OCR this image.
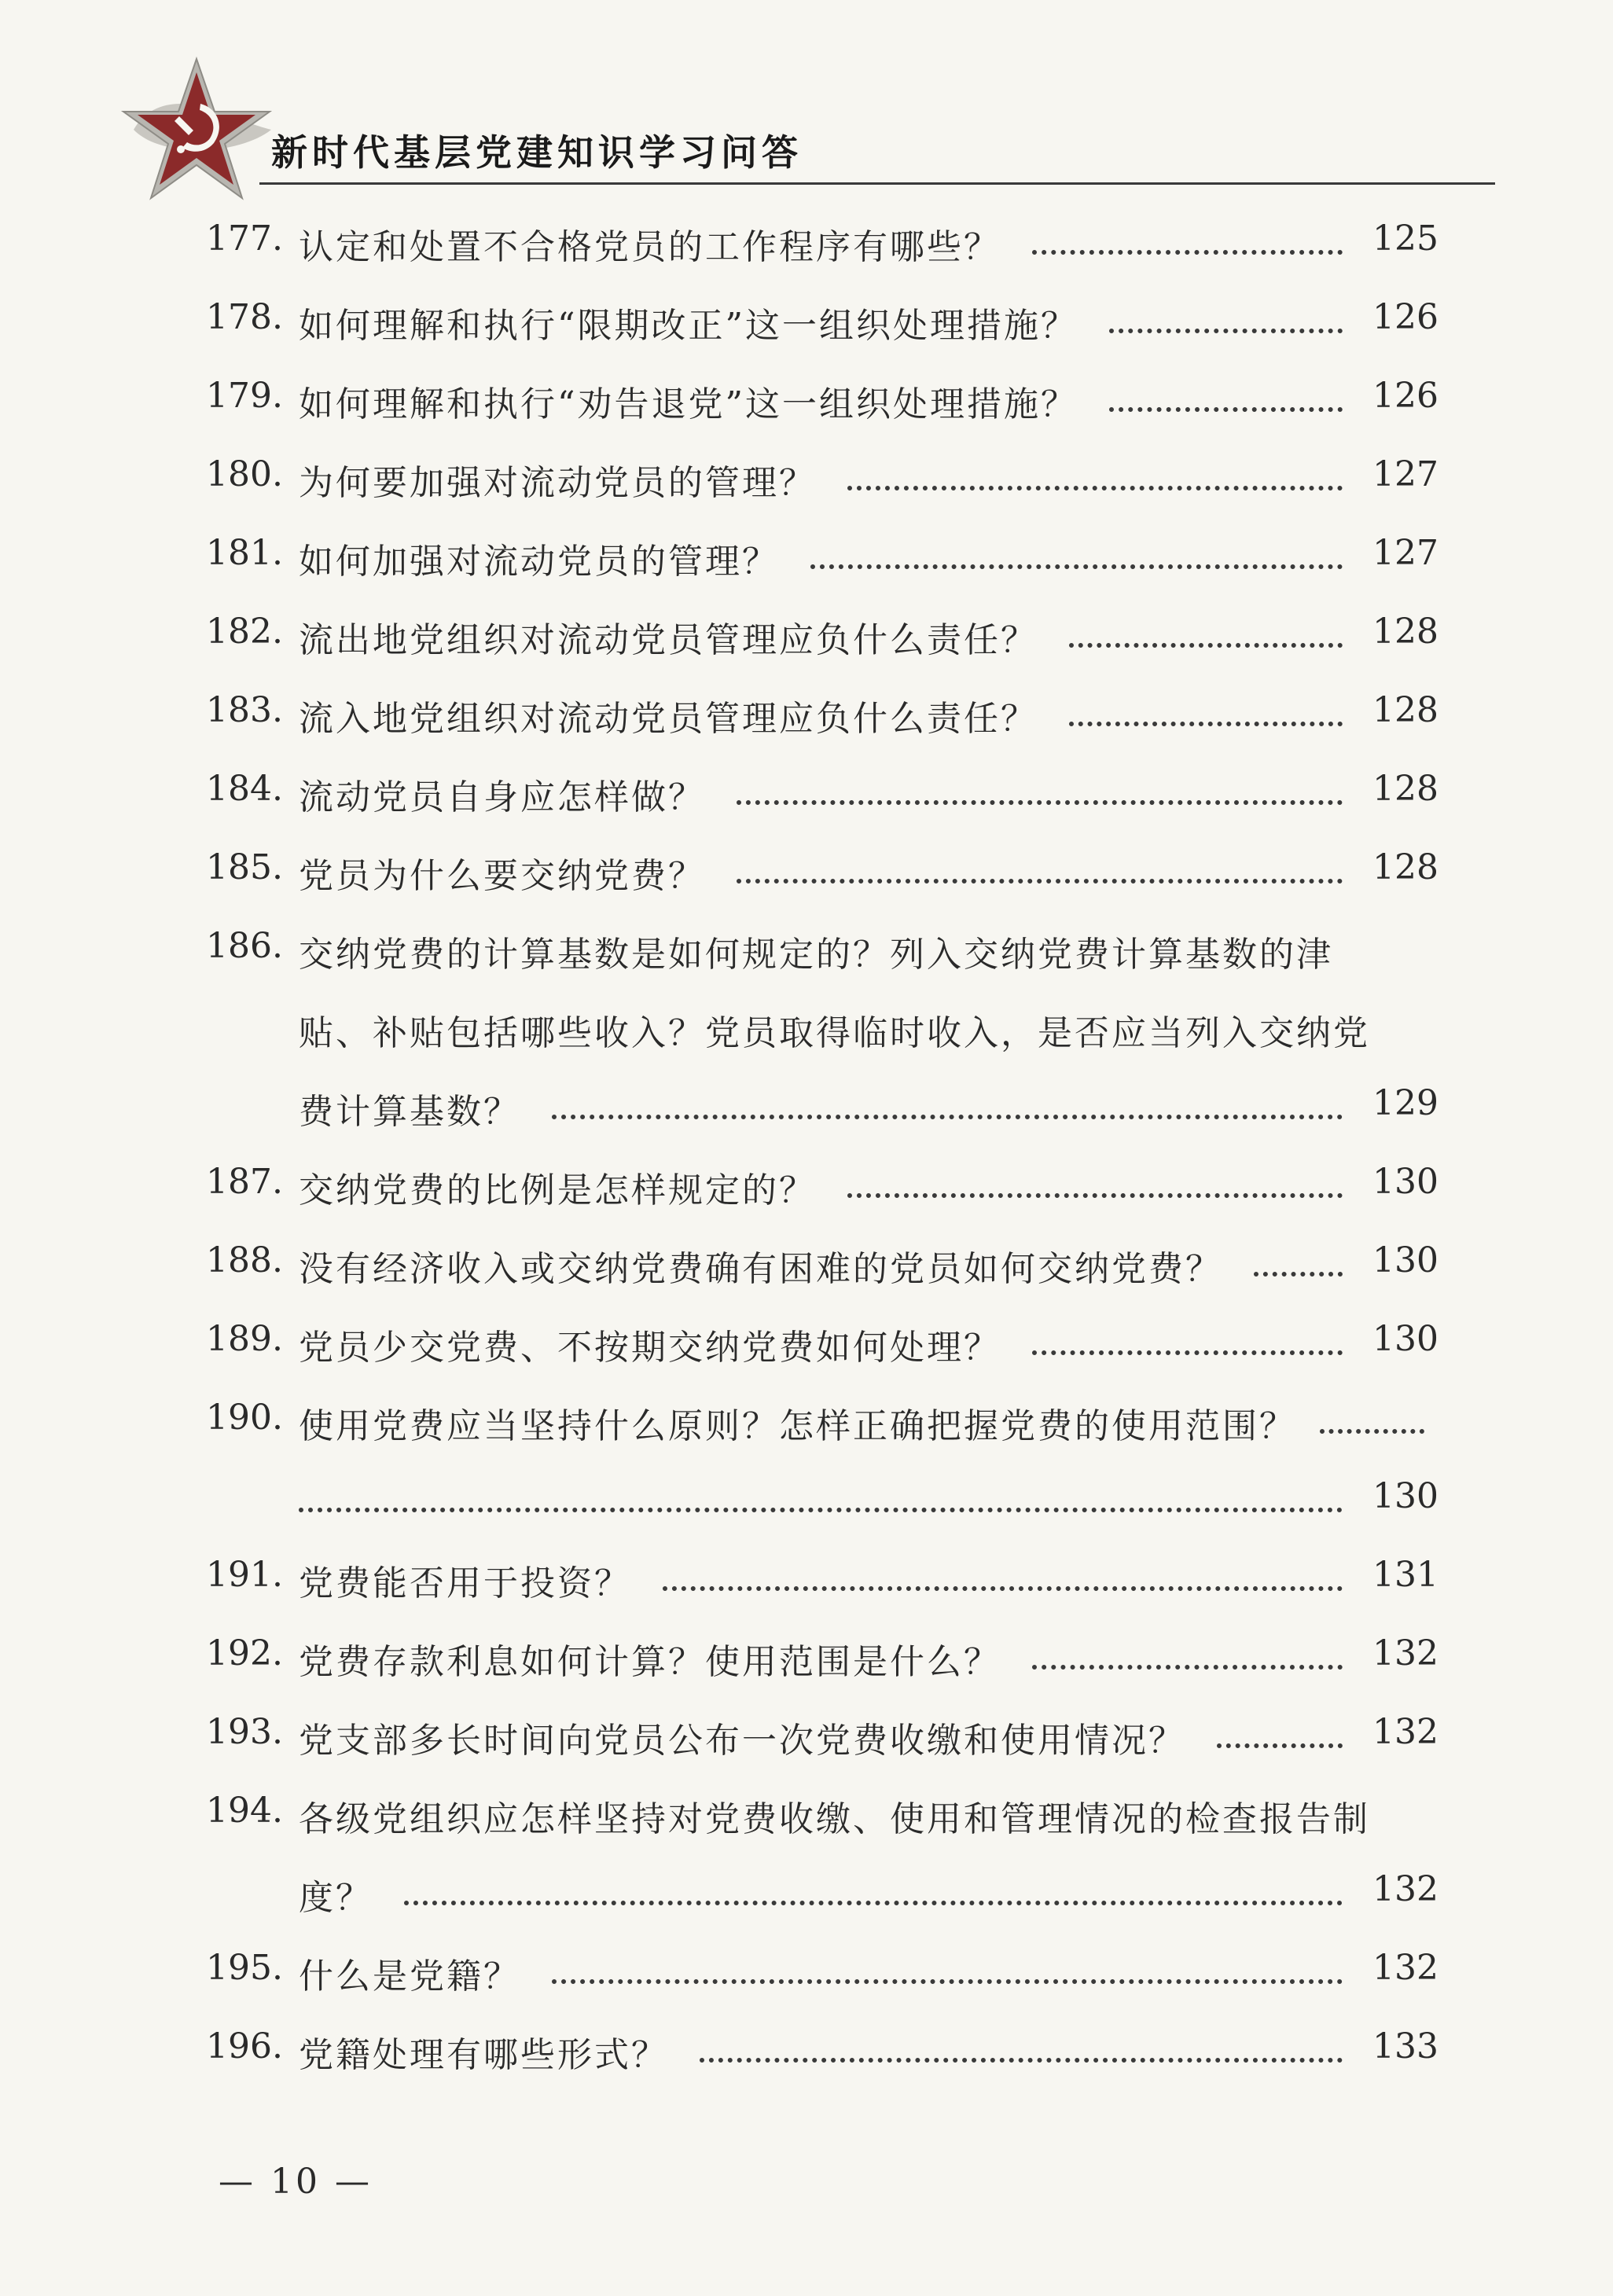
新时代基层党建知识学习问答
177. 认定和处置不合格党员的工作程序有哪些？	125
178. 如何理解和执行“限期改正”这一组织处理措施？	126
179. 如何理解和执行“劝告退党”这一组织处理措施？	126
180. 为何要加强对流动党员的管理？	127
181. 如何加强对流动党员的管理？	127
182. 流出地党组织对流动党员管理应负什么责任？	128
183. 流入地党组织对流动党员管理应负什么责任？	128
184. 流动党员自身应怎样做？	128
185. 党员为什么要交纳党费？	128
186. 交纳党费的计算基数是如何规定的？列入交纳党费计算基数的津
贴、补贴包括哪些收入？党员取得临时收入，是否应当列入交纳党
费计算基数？	129
187. 交纳党费的比例是怎样规定的？	130
188. 没有经济收入或交纳党费确有困难的党员如何交纳党费？	130
189. 党员少交党费、不按期交纳党费如何处理？	130
190. 使用党费应当坚持什么原则？怎样正确把握党费的使用范围？
130
191. 党费能否用于投资？	131
192. 党费存款利息如何计算？使用范围是什么？	132
193. 党支部多长时间向党员公布一次党费收缴和使用情况？	132
194. 各级党组织应怎样坚持对党费收缴、使用和管理情况的检查报告制
度？	132
195. 什么是党籍？	132
196. 党籍处理有哪些形式？	133
— 10 —
